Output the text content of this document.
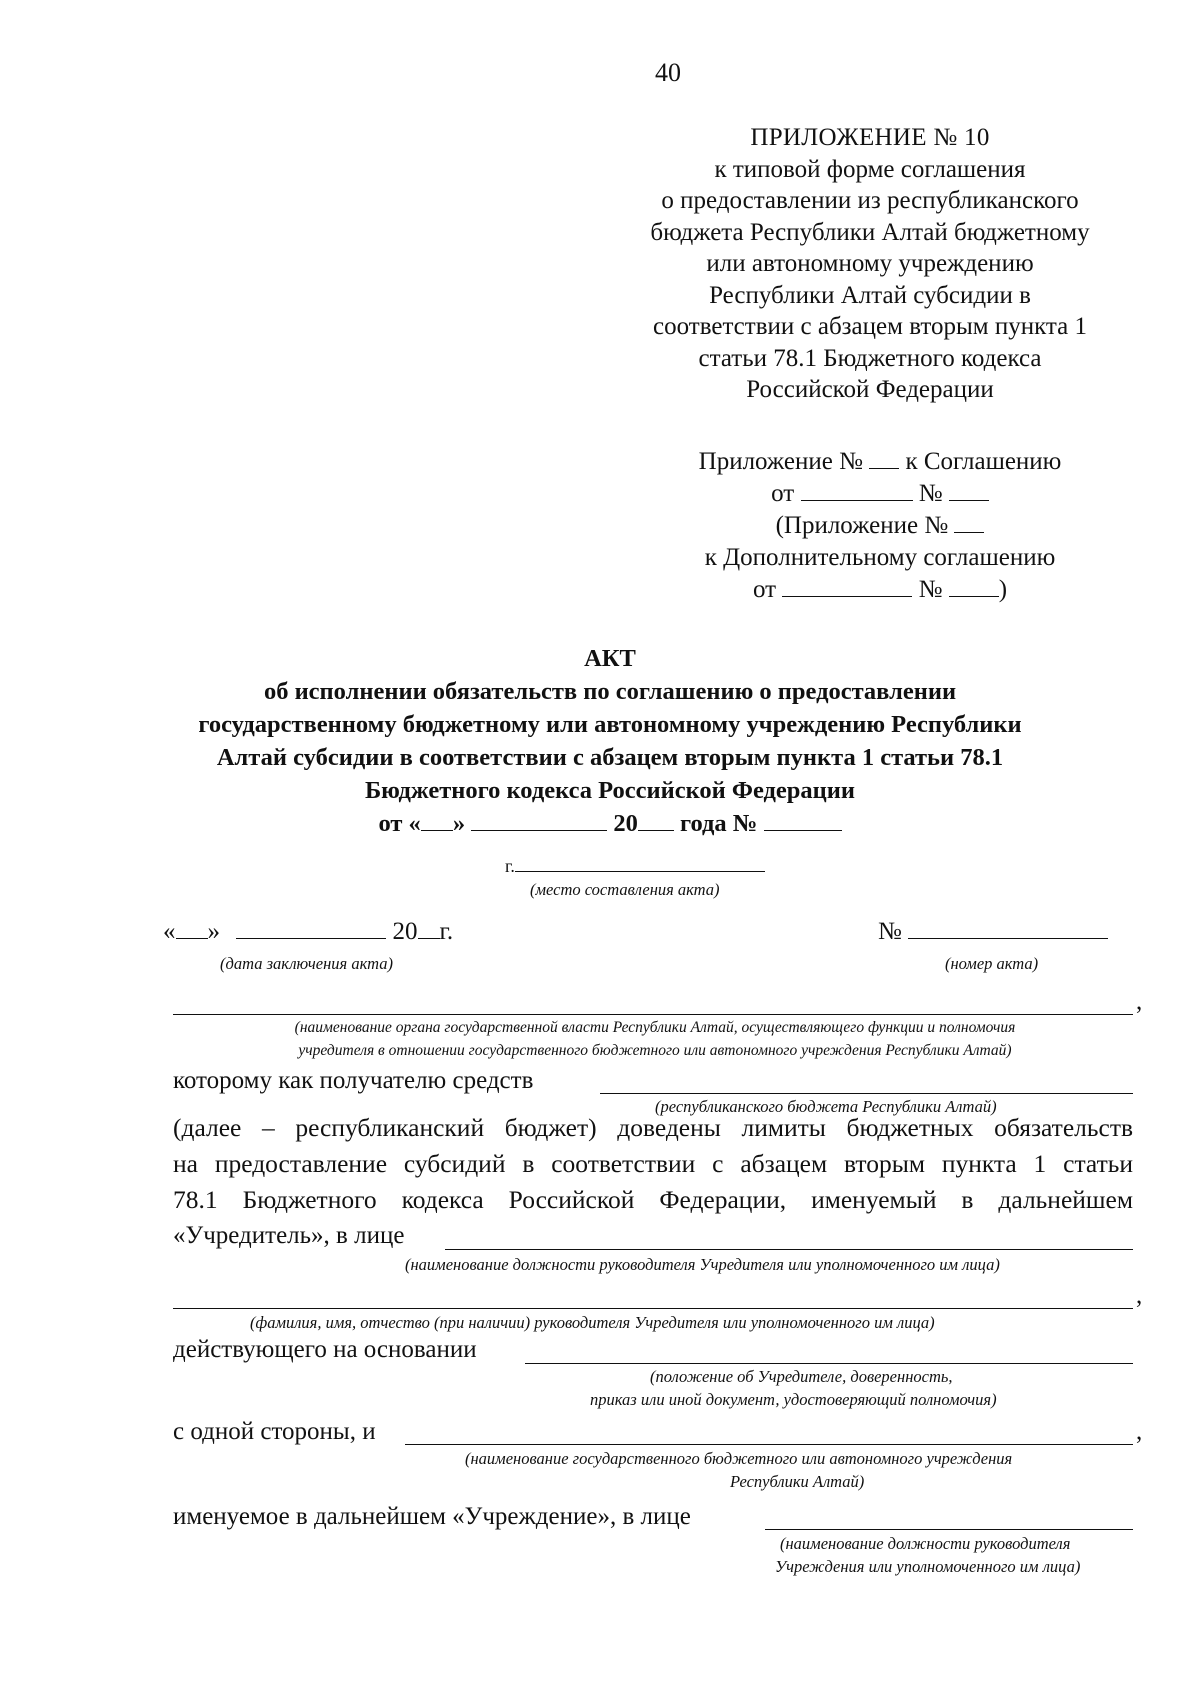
40
ПРИЛОЖЕНИЕ № 10
к типовой форме соглашения
о предоставлении из республиканского
бюджета Республики Алтай бюджетному
или автономному учреждению
Республики Алтай субсидии в
соответствии с абзацем вторым пункта 1
статьи 78.1 Бюджетного кодекса
Российской Федерации
Приложение № к Соглашению
от	№
(Приложение №
к Дополнительному соглашению
от	№ )
АКТ
об исполнении обязательств по соглашению о предоставлении
государственному бюджетному или автономному учреждению Республики
Алтай субсидии в соответствии с абзацем вторым пункта 1 статьи 78.1
Бюджетного кодекса Российской Федерации
от « »	20 года №
г.
(место составления акта)
« »	20 г.	№
(дата заключения акта)	(номер акта)
,
(наименование органа государственной власти Республики Алтай, осуществляющего функции и полномочия
учредителя в отношении государственного бюджетного или автономного учреждения Республики Алтай)
которому как получателю средств
(республиканского бюджета Республики Алтай)
(далее – республиканский бюджет) доведены лимиты бюджетных обязательств
на предоставление субсидий в соответствии с абзацем вторым пункта 1 статьи
78.1 Бюджетного кодекса Российской Федерации, именуемый в дальнейшем
«Учредитель», в лице
(наименование должности руководителя Учредителя или уполномоченного им лица)
,
(фамилия, имя, отчество (при наличии) руководителя Учредителя или уполномоченного им лица)
действующего на основании
(положение об Учредителе, доверенность,
приказ или иной документ, удостоверяющий полномочия)
с одной стороны, и	,
(наименование государственного бюджетного или автономного учреждения
Республики Алтай)
именуемое в дальнейшем «Учреждение», в лице
(наименование должности руководителя
Учреждения или уполномоченного им лица)
